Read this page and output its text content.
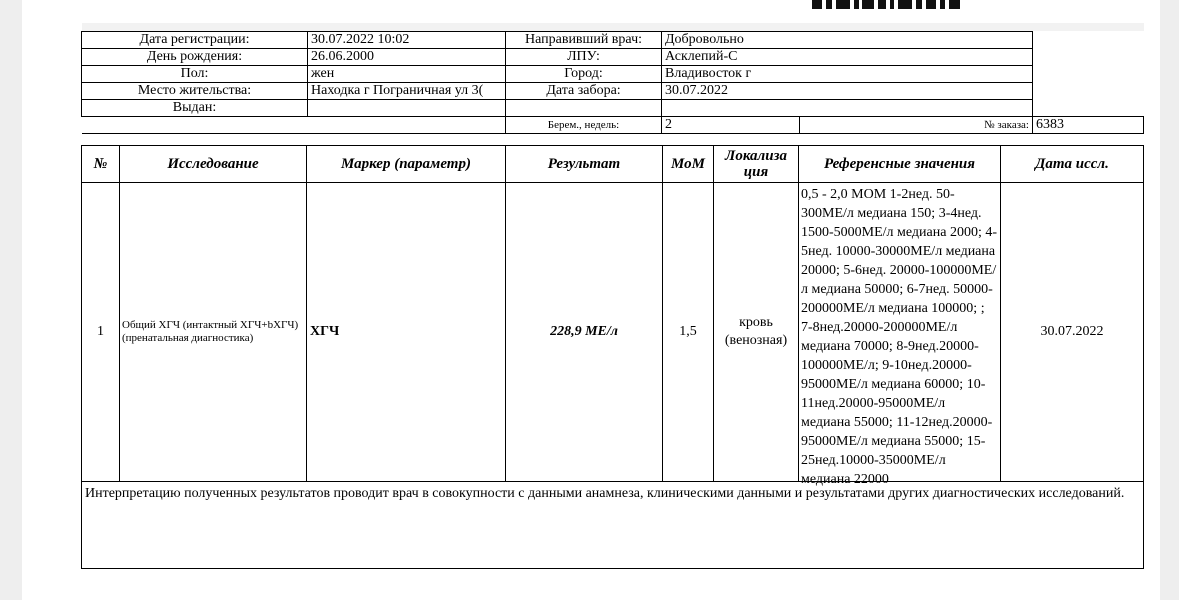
Дата регистрации:	30.07.2022 10:02	Направивший врач:	Добровольно		
День рождения:	26.06.2000	ЛПУ:	Асклепий-С		
Пол:	жен	Город:	Владивосток г		
Место жительства:	Находка г Пограничная ул 3(	Дата забора:	30.07.2022		
Выдан:					
		Берем., недель:	2	№ заказа:	6383
№	Исследование	Маркер (параметр)	Результат	МоМ	Локализа ция	Референсные значения	Дата иссл.
1	Общий ХГЧ (интактный ХГЧ+bХГЧ) (пренатальная диагностика)	ХГЧ	228,9 МЕ/л	1,5	кровь (венозная)	0,5 - 2,0 МОМ 1-2нед. 50-300МЕ/л медиана 150; 3-4нед. 1500-5000МЕ/л медиана 2000; 4-5нед. 10000-30000МЕ/л медиана 20000; 5-6нед. 20000-100000МЕ/л медиана 50000; 6-7нед. 50000-200000МЕ/л медиана 100000; ; 7-8нед.20000-200000МЕ/л медиана 70000; 8-9нед.20000-100000МЕ/л; 9-10нед.20000-95000МЕ/л медиана 60000; 10-11нед.20000-95000МЕ/л медиана 55000; 11-12нед.20000-95000МЕ/л медиана 55000; 15-25нед.10000-35000МЕ/л медиана 22000	30.07.2022
Интерпретацию полученных результатов проводит врач в совокупности с данными анамнеза, клиническими данными и результатами других диагностических исследований.							
